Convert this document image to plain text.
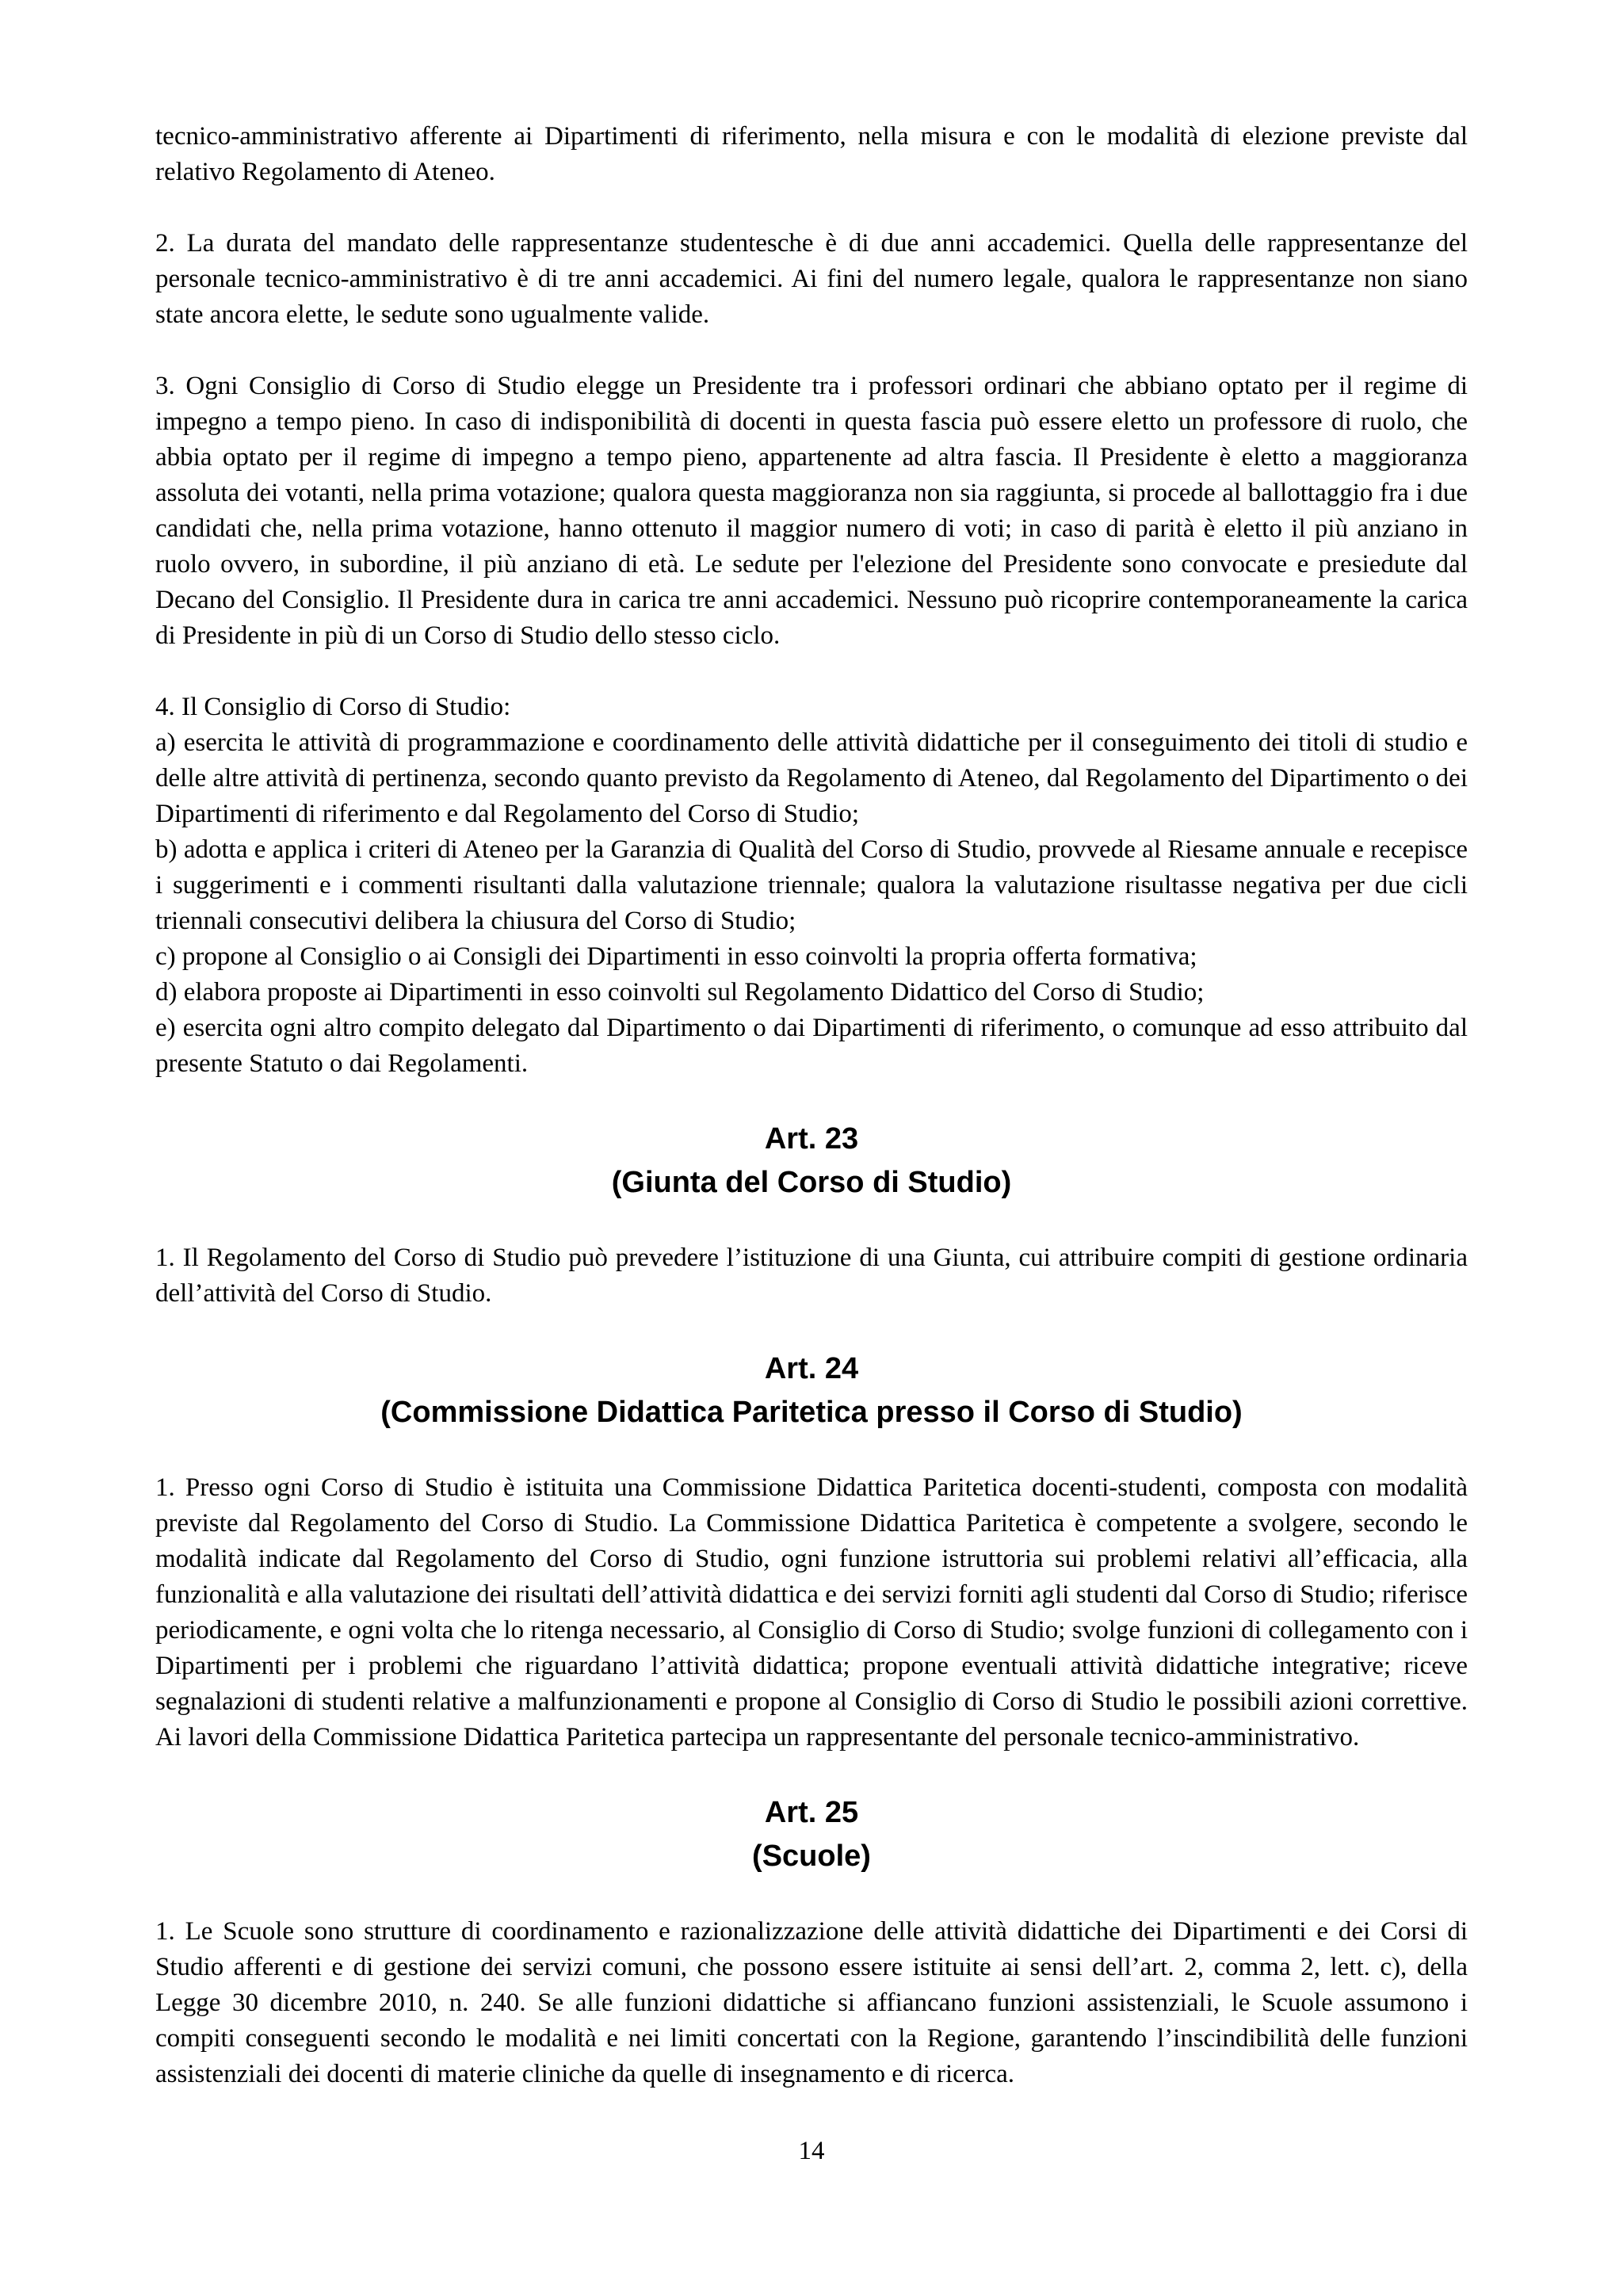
tecnico-amministrativo afferente ai Dipartimenti di riferimento, nella misura e con le modalità di elezione previste dal relativo Regolamento di Ateneo.

2. La durata del mandato delle rappresentanze studentesche è di due anni accademici. Quella delle rappresentanze del personale tecnico-amministrativo è di tre anni accademici. Ai fini del numero legale, qualora le rappresentanze non siano state ancora elette, le sedute sono ugualmente valide.

3. Ogni Consiglio di Corso di Studio elegge un Presidente tra i professori ordinari che abbiano optato per il regime di impegno a tempo pieno. In caso di indisponibilità di docenti in questa fascia può essere eletto un professore di ruolo, che abbia optato per il regime di impegno a tempo pieno, appartenente ad altra fascia. Il Presidente è eletto a maggioranza assoluta dei votanti, nella prima votazione; qualora questa maggioranza non sia raggiunta, si procede al ballottaggio fra i due candidati che, nella prima votazione, hanno ottenuto il maggior numero di voti; in caso di parità è eletto il più anziano in ruolo ovvero, in subordine, il più anziano di età. Le sedute per l'elezione del Presidente sono convocate e presiedute dal Decano del Consiglio. Il Presidente dura in carica tre anni accademici. Nessuno può ricoprire contemporaneamente la carica di Presidente in più di un Corso di Studio dello stesso ciclo.

4. Il Consiglio di Corso di Studio:

a) esercita le attività di programmazione e coordinamento delle attività didattiche per il conseguimento dei titoli di studio e delle altre attività di pertinenza, secondo quanto previsto da Regolamento di Ateneo, dal Regolamento del Dipartimento o dei Dipartimenti di riferimento e dal Regolamento del Corso di Studio;

b) adotta e applica i criteri di Ateneo per la Garanzia di Qualità del Corso di Studio, provvede al Riesame annuale e recepisce i suggerimenti e i commenti risultanti dalla valutazione triennale; qualora la valutazione risultasse negativa per due cicli triennali consecutivi delibera la chiusura del Corso di Studio;

c) propone al Consiglio o ai Consigli dei Dipartimenti in esso coinvolti la propria offerta formativa;

d) elabora proposte ai Dipartimenti in esso coinvolti sul Regolamento Didattico del Corso di Studio;

e) esercita ogni altro compito delegato dal Dipartimento o dai Dipartimenti di riferimento, o comunque ad esso attribuito dal presente Statuto o dai Regolamenti.

Art. 23
(Giunta del Corso di Studio)

1. Il Regolamento del Corso di Studio può prevedere l’istituzione di una Giunta, cui attribuire compiti di gestione ordinaria dell’attività del Corso di Studio.

Art. 24
(Commissione Didattica Paritetica presso il Corso di Studio)

1. Presso ogni Corso di Studio è istituita una Commissione Didattica Paritetica docenti-studenti, composta con modalità previste dal Regolamento del Corso di Studio. La Commissione Didattica Paritetica è competente a svolgere, secondo le modalità indicate dal Regolamento del Corso di Studio, ogni funzione istruttoria sui problemi relativi all’efficacia, alla funzionalità e alla valutazione dei risultati dell’attività didattica e dei servizi forniti agli studenti dal Corso di Studio; riferisce periodicamente, e ogni volta che lo ritenga necessario, al Consiglio di Corso di Studio; svolge funzioni di collegamento con i Dipartimenti per i problemi che riguardano l’attività didattica; propone eventuali attività didattiche integrative; riceve segnalazioni di studenti relative a malfunzionamenti e propone al Consiglio di Corso di Studio le possibili azioni correttive. Ai lavori della Commissione Didattica Paritetica partecipa un rappresentante del personale tecnico-amministrativo.

Art. 25
(Scuole)

1. Le Scuole sono strutture di coordinamento e razionalizzazione delle attività didattiche dei Dipartimenti e dei Corsi di Studio afferenti e di gestione dei servizi comuni, che possono essere istituite ai sensi dell’art. 2, comma 2, lett. c), della Legge 30 dicembre 2010, n. 240. Se alle funzioni didattiche si affiancano funzioni assistenziali, le Scuole assumono i compiti conseguenti secondo le modalità e nei limiti concertati con la Regione, garantendo l’inscindibilità delle funzioni assistenziali dei docenti di materie cliniche da quelle di insegnamento e di ricerca.

14
